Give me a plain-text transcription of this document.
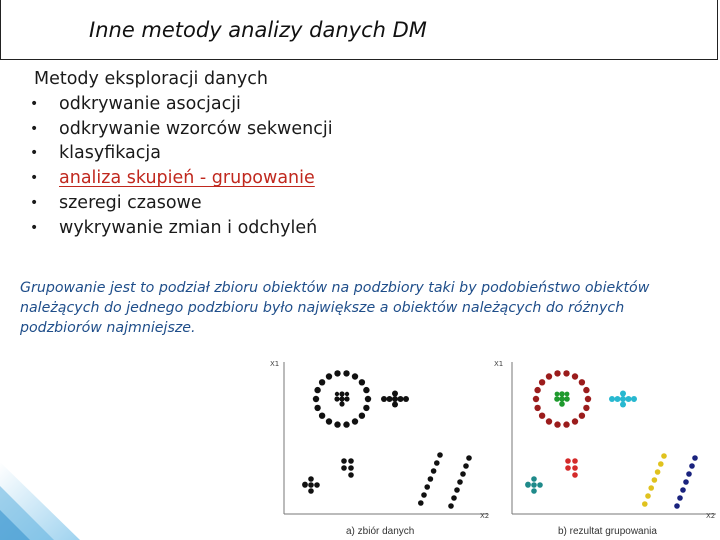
Inne metody analizy danych DM
Metody eksploracji danych
• odkrywanie asocjacji
• odkrywanie wzorców sekwencji
• klasyfikacja
• analiza skupień - grupowanie
• szeregi czasowe
• wykrywanie zmian i odchyleń
Grupowanie jest to podział zbioru obiektów na podzbiory taki by podobieństwo obiektów należących do jednego podzbioru było największe a obiektów należących do różnych podzbiorów najmniejsze.
X1
X2
a) zbiór danych
X1
X2
b) rezultat grupowania
